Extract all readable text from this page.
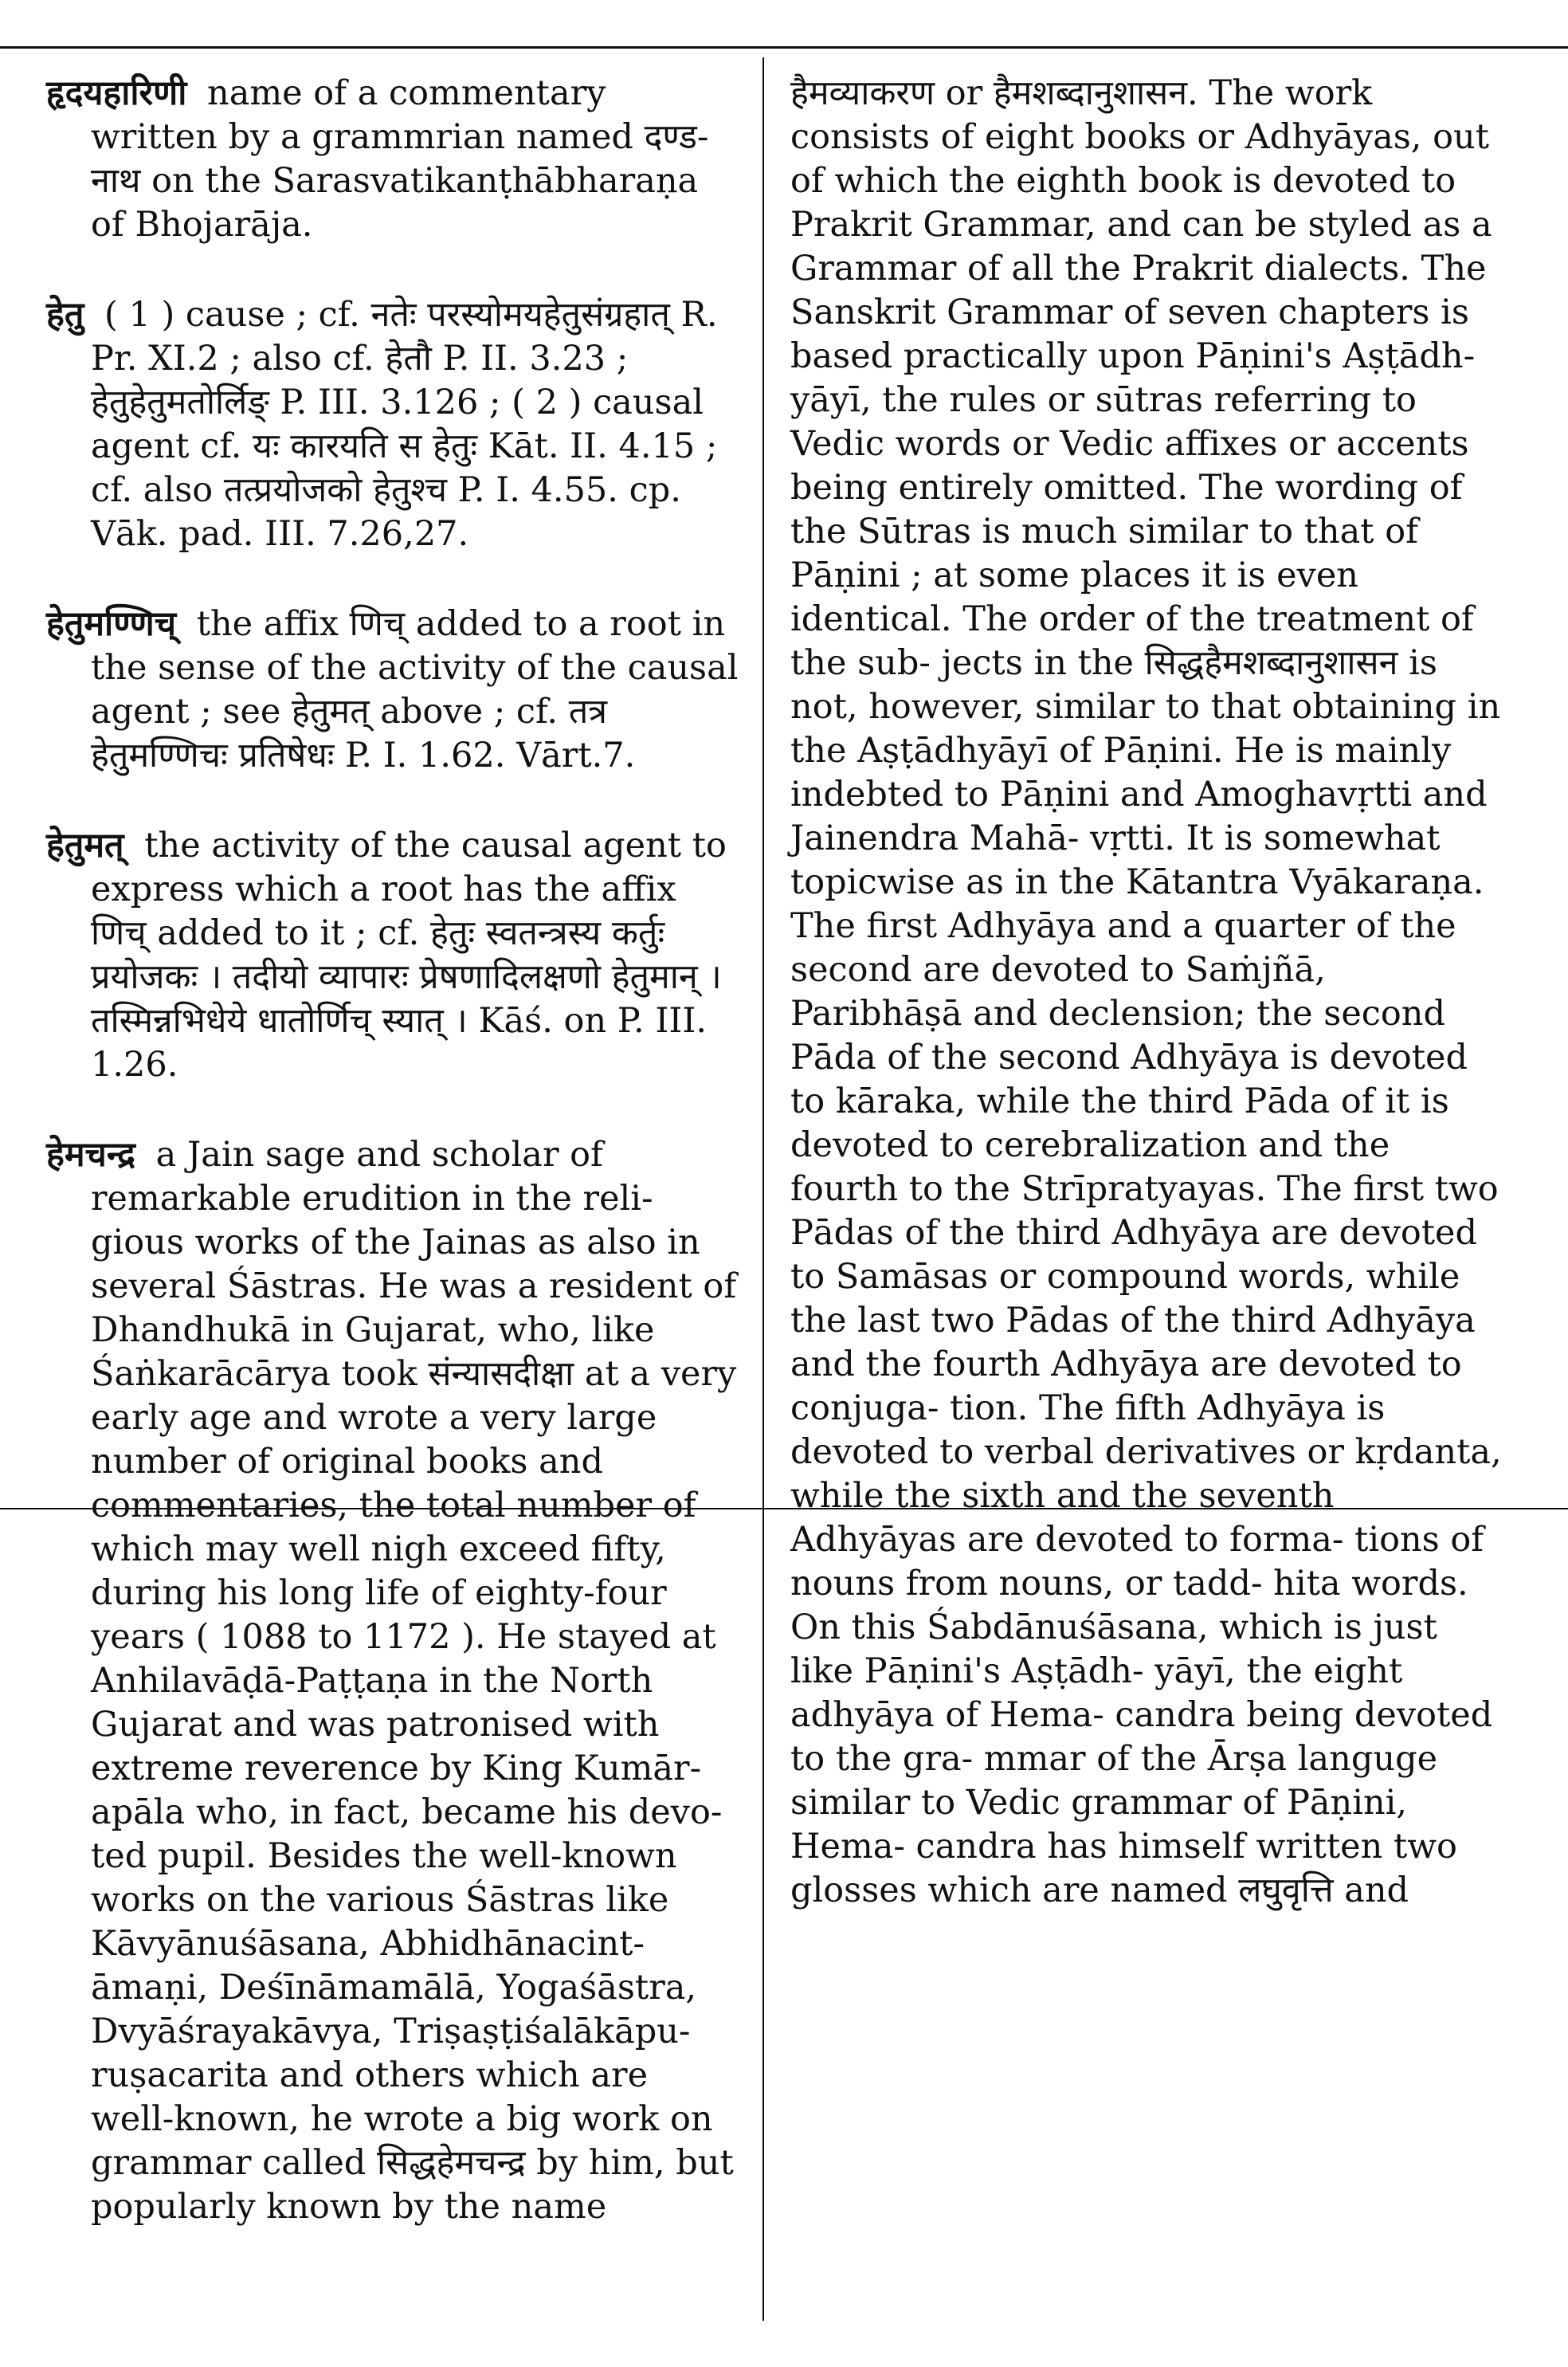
हृदयहारिणी name of a commentary written by a grammrian named दण्ड- नाथ on the Sarasvatikanṭhābharaṇa of Bhojarāja.

हेतु ( 1 ) cause ; cf. नतेः परस्योमयहेतुसंग्रहात् R. Pr. XI.2 ; also cf. हेतौ P. II. 3.23 ; हेतुहेतुमतोर्लिङ् P. III. 3.126 ; ( 2 ) causal agent cf. यः कारयति स हेतुः Kāt. II. 4.15 ; cf. also तत्प्रयोजको हेतुश्च P. I. 4.55. cp. Vāk. pad. III. 7.26,27.

हेतुमण्णिच् the affix णिच् added to a root in the sense of the activity of the causal agent ; see हेतुमत् above ; cf. तत्र हेतुमण्णिचः प्रतिषेधः P. I. 1.62. Vārt.7.

हेतुमत् the activity of the causal agent to express which a root has the affix णिच् added to it ; cf. हेतुः स्वतन्त्रस्य कर्तुः प्रयोजकः । तदीयो व्यापारः प्रेषणादिलक्षणो हेतुमान् । तस्मिन्नभिधेये धातोर्णिच् स्यात् । Kāś. on P. III. 1.26.

हेमचन्द्र a Jain sage and scholar of remarkable erudition in the reli- gious works of the Jainas as also in several Śāstras. He was a resident of Dhandhukā in Gujarat, who, like Śaṅkarācārya took संन्यासदीक्षा at a very early age and wrote a very large number of original books and commentaries, the total number of which may well nigh exceed fifty, during his long life of eighty-four years ( 1088 to 1172 ). He stayed at Anhilavāḍā-Paṭṭaṇa in the North Gujarat and was patronised with extreme reverence by King Kumār- apāla who, in fact, became his devo- ted pupil. Besides the well-known works on the various Śāstras like Kāvyānuśāsana, Abhidhānacint- āmaṇi, Deśīnāmamālā, Yogaśāstra, Dvyāśrayakāvya, Triṣaṣṭiśalākāpu- ruṣacarita and others which are well-known, he wrote a big work on grammar called सिद्धहेमचन्द्र by him, but popularly known by the name

हैमव्याकरण or हैमशब्दानुशासन. The work consists of eight books or Adhyāyas, out of which the eighth book is devoted to Prakrit Grammar, and can be styled as a Grammar of all the Prakrit dialects. The Sanskrit Grammar of seven chapters is based practically upon Pāṇini's Aṣṭādh- yāyī, the rules or sūtras referring to Vedic words or Vedic affixes or accents being entirely omitted. The wording of the Sūtras is much similar to that of Pāṇini ; at some places it is even identical. The order of the treatment of the sub- jects in the सिद्धहैमशब्दानुशासन is not, however, similar to that obtaining in the Aṣṭādhyāyī of Pāṇini. He is mainly indebted to Pāṇini and Amoghavṛtti and Jainendra Mahā- vṛtti. It is somewhat topicwise as in the Kātantra Vyākaraṇa. The first Adhyāya and a quarter of the second are devoted to Saṁjñā, Paribhāṣā and declension; the second Pāda of the second Adhyāya is devoted to kāraka, while the third Pāda of it is devoted to cerebralization and the fourth to the Strīpratyayas. The first two Pādas of the third Adhyāya are devoted to Samāsas or compound words, while the last two Pādas of the third Adhyāya and the fourth Adhyāya are devoted to conjuga- tion. The fifth Adhyāya is devoted to verbal derivatives or kṛdanta, while the sixth and the seventh Adhyāyas are devoted to forma- tions of nouns from nouns, or tadd- hita words. On this Śabdānuśāsana, which is just like Pāṇini's Aṣṭādh- yāyī, the eight adhyāya of Hema- candra being devoted to the gra- mmar of the Ārṣa languge similar to Vedic grammar of Pāṇini, Hema- candra has himself written two glosses which are named लघुवृत्ति and
